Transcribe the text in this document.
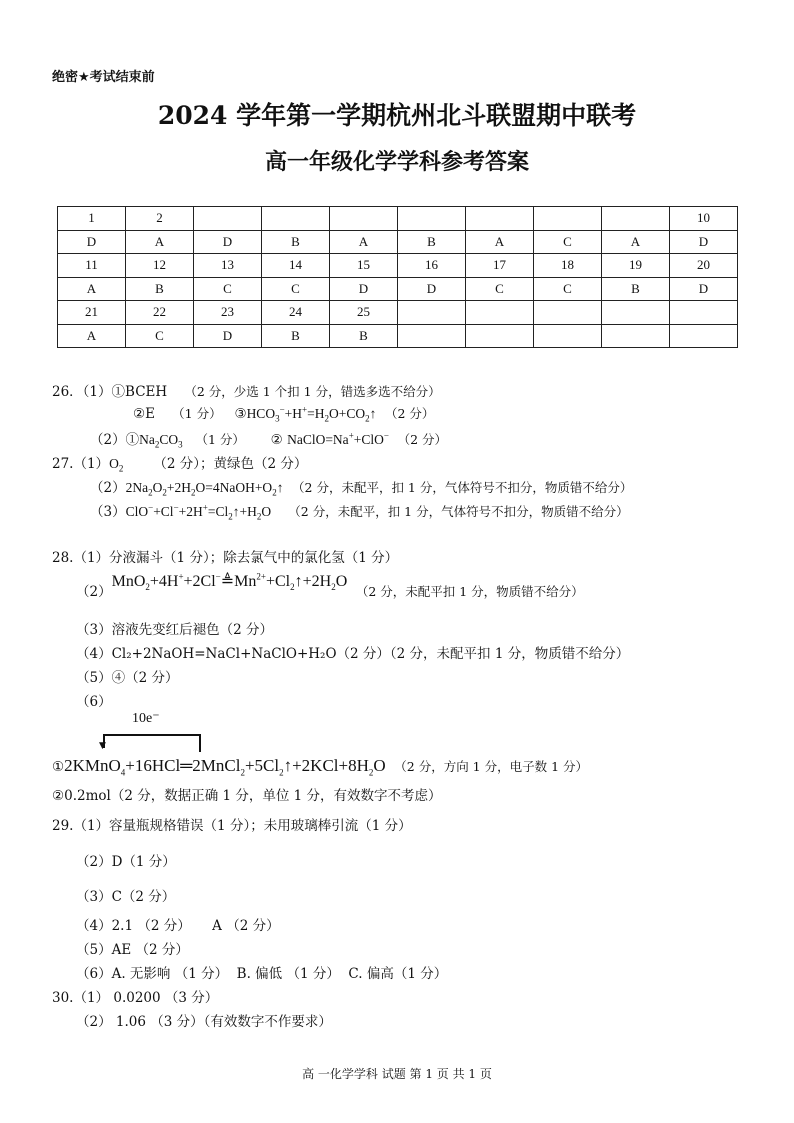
绝密★考试结束前
2024 学年第一学期杭州北斗联盟期中联考
高一年级化学学科参考答案
1	2								10
D	A	D	B	A	B	A	C	A	D
11	12	13	14	15	16	17	18	19	20
A	B	C	C	D	D	C	C	B	D
21	22	23	24	25					
A	C	D	B	B					
26．（1）①BCEH （2 分，少选 1 个扣 1 分，错选多选不给分）
②E （1 分） $③HCO_3^-+H^+=H_2O+CO_2↑$ （2 分）
$(2)①Na_2CO_3$ （1 分） ② NaClO=Na++ClO− （2 分）
$27.(1)O_2$ （2 分）；黄绿色（2 分）
$(2)2Na_2O_2+2H_2O=4NaOH+O_2↑$ （2 分，未配平，扣 1 分，气体符号不扣分，物质错不给分）
$(3)ClO^-+Cl^-+2H^+=Cl_2↑+H_2O$ （2 分，未配平，扣 1 分，气体符号不扣分，物质错不给分）
28.（1）分液漏斗（1 分）；除去氯气中的氯化氢（1 分）
$(2)MnO_2+4H^++2Cl^-≜Mn^{2+}+Cl_2↑+2H_2O$  （2 分，未配平扣 1 分，物质错不给分）
（3）溶液先变红后褪色（2 分）
（4）Cl₂+2NaOH=NaCl+NaClO+H₂O（2 分）（2 分，未配平扣 1 分，物质错不给分）
（5）④（2 分）
（6）
10e⁻
▼
$①2KMnO_4+16HCl═2MnCl_2+5Cl_2↑+2KCl+8H_2O$ （2 分，方向 1 分，电子数 1 分）
②0.2mol（2 分，数据正确 1 分，单位 1 分，有效数字不考虑）
29.（1）容量瓶规格错误（1 分）；未用玻璃棒引流（1 分）
（2）D（1 分）
（3）C（2 分）
（4）2.1 （2 分）     A （2 分）
（5）AE （2 分）
（6）A. 无影响 （1 分）  B. 偏低 （1 分）  C. 偏高（1 分）
30.（1） 0.0200 （3 分）
（2） 1.06 （3 分）（有效数字不作要求）
高 一化学学科 试题 第 1 页 共 1 页
